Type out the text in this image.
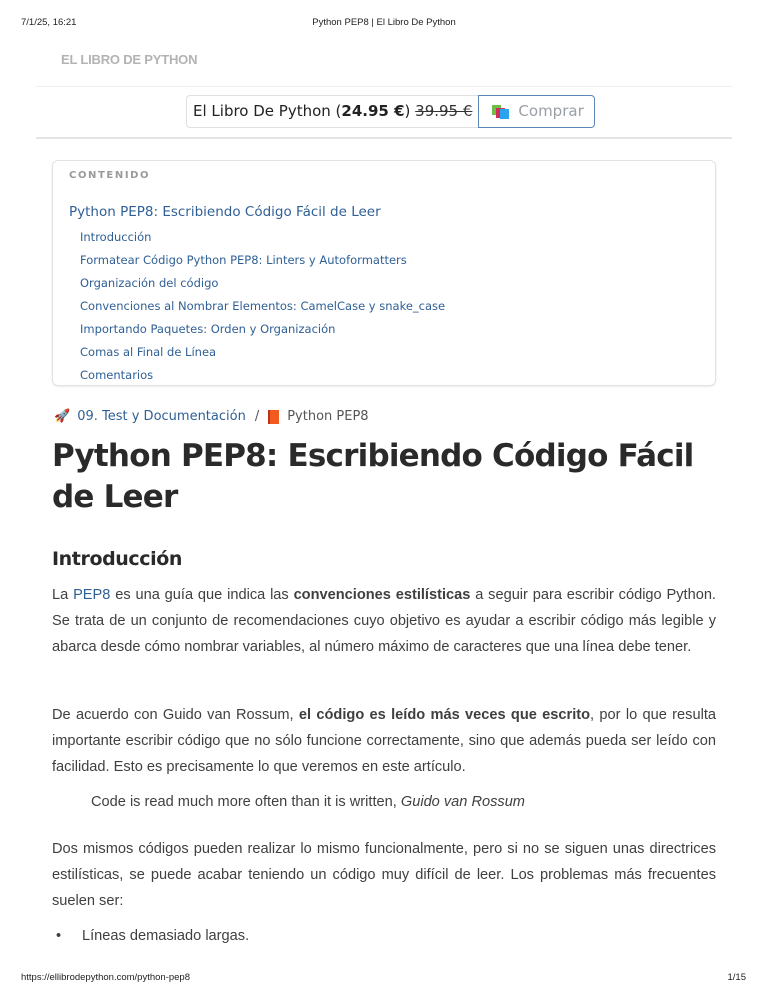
7/1/25, 16:21	Python PEP8 | El Libro De Python
EL LIBRO DE PYTHON
El Libro De Python (24.95 €) 39.95 €	Comprar
CONTENIDO
Python PEP8: Escribiendo Código Fácil de Leer
Introducción
Formatear Código Python PEP8: Linters y Autoformatters
Organización del código
Convenciones al Nombrar Elementos: CamelCase y snake_case
Importando Paquetes: Orden y Organización
Comas al Final de Línea
Comentarios
🚀 09. Test y Documentación / Python PEP8
Python PEP8: Escribiendo Código Fácil de Leer
Introducción

La PEP8 es una guía que indica las convenciones estilísticas a seguir para escribir código Python. Se trata de un conjunto de recomendaciones cuyo objetivo es ayudar a escribir código más legible y abarca desde cómo nombrar variables, al número máximo de caracteres que una línea debe tener.

De acuerdo con Guido van Rossum, el código es leído más veces que escrito, por lo que resulta importante escribir código que no sólo funcione correctamente, sino que además pueda ser leído con facilidad. Esto es precisamente lo que veremos en este artículo.

Code is read much more often than it is written, Guido van Rossum

Dos mismos códigos pueden realizar lo mismo funcionalmente, pero si no se siguen unas directrices estilísticas, se puede acabar teniendo un código muy difícil de leer. Los problemas más frecuentes suelen ser:

• Líneas demasiado largas.
https://ellibrodepython.com/python-pep8	1/15
